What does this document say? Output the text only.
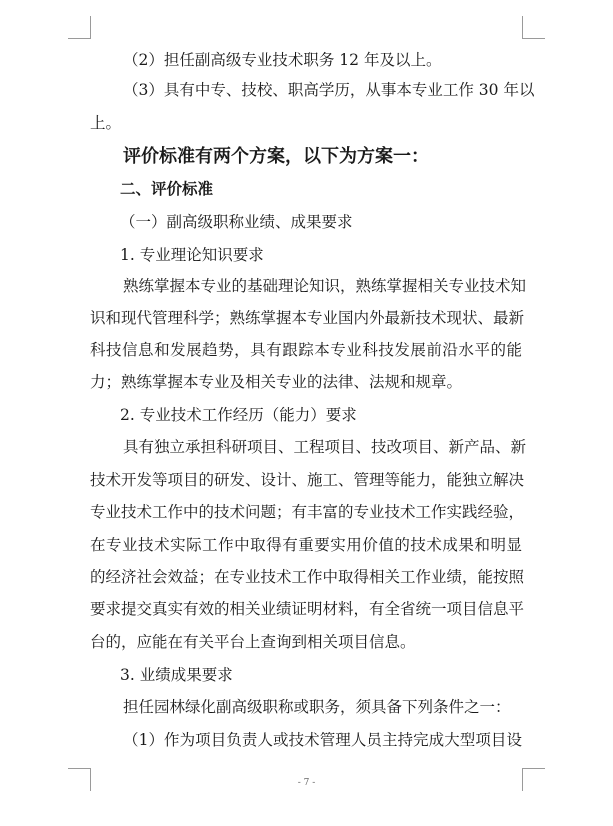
（2）担任副高级专业技术职务 12 年及以上。
（3）具有中专、技校、职高学历，从事本专业工作 30 年以
上。
评价标准有两个方案，以下为方案一：
二、评价标准
（一）副高级职称业绩、成果要求
1. 专业理论知识要求
熟练掌握本专业的基础理论知识，熟练掌握相关专业技术知
识和现代管理科学；熟练掌握本专业国内外最新技术现状、最新
科技信息和发展趋势，具有跟踪本专业科技发展前沿水平的能
力；熟练掌握本专业及相关专业的法律、法规和规章。
2. 专业技术工作经历（能力）要求
具有独立承担科研项目、工程项目、技改项目、新产品、新
技术开发等项目的研发、设计、施工、管理等能力，能独立解决
专业技术工作中的技术问题；有丰富的专业技术工作实践经验，
在专业技术实际工作中取得有重要实用价值的技术成果和明显
的经济社会效益；在专业技术工作中取得相关工作业绩，能按照
要求提交真实有效的相关业绩证明材料，有全省统一项目信息平
台的，应能在有关平台上查询到相关项目信息。
3. 业绩成果要求
担任园林绿化副高级职称或职务，须具备下列条件之一：
（1）作为项目负责人或技术管理人员主持完成大型项目设
- 7 -
